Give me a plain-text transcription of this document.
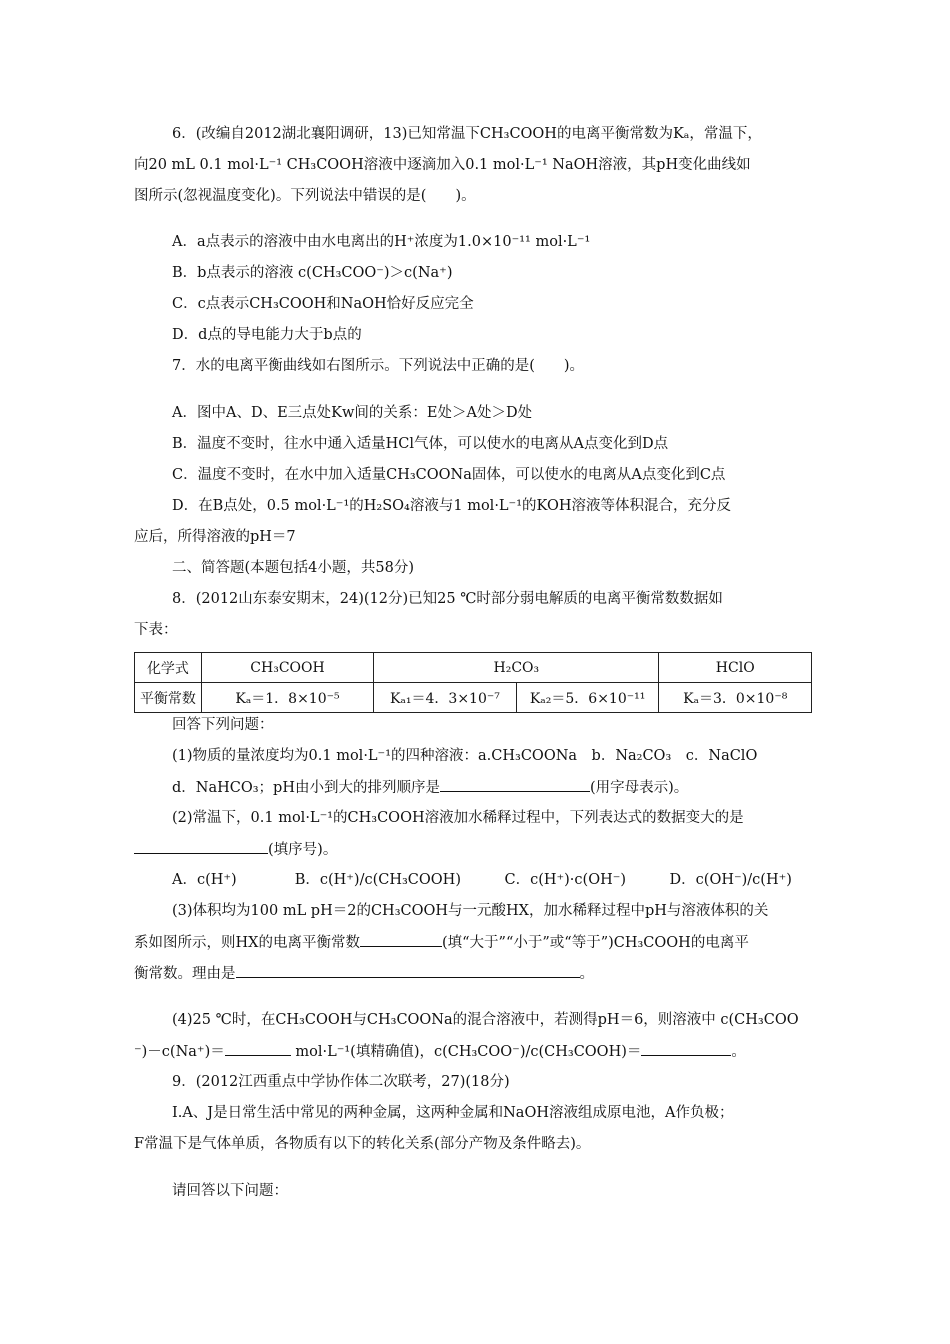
6．(改编自2012湖北襄阳调研，13)已知常温下CH₃COOH的电离平衡常数为Kₐ，常温下，
向20 mL 0.1 mol·L⁻¹ CH₃COOH溶液中逐滴加入0.1 mol·L⁻¹ NaOH溶液，其pH变化曲线如
图所示(忽视温度变化)。下列说法中错误的是(　　)。
A．a点表示的溶液中由水电离出的H⁺浓度为1.0×10⁻¹¹ mol·L⁻¹
B．b点表示的溶液 c(CH₃COO⁻)＞c(Na⁺)
C．c点表示CH₃COOH和NaOH恰好反应完全
D．d点的导电能力大于b点的
7．水的电离平衡曲线如右图所示。下列说法中正确的是(　　)。
A．图中A、D、E三点处Kw间的关系：E处＞A处＞D处
B．温度不变时，往水中通入适量HCl气体，可以使水的电离从A点变化到D点
C．温度不变时，在水中加入适量CH₃COONa固体，可以使水的电离从A点变化到C点
D．在B点处，0.5 mol·L⁻¹的H₂SO₄溶液与1 mol·L⁻¹的KOH溶液等体积混合，充分反
应后，所得溶液的pH＝7
二、简答题(本题包括4小题，共58分)
8．(2012山东泰安期末，24)(12分)已知25 ℃时部分弱电解质的电离平衡常数数据如
下表：
化学式	CH₃COOH	H₂CO₃		HClO
平衡常数	Kₐ＝1．8×10⁻⁵	Kₐ₁＝4．3×10⁻⁷	Kₐ₂＝5．6×10⁻¹¹	Kₐ＝3．0×10⁻⁸
回答下列问题：
(1)物质的量浓度均为0.1 mol·L⁻¹的四种溶液：a.CH₃COONa　b．Na₂CO₃　c．NaClO
d．NaHCO₃；pH由小到大的排列顺序是	(用字母表示)。
(2)常温下，0.1 mol·L⁻¹的CH₃COOH溶液加水稀释过程中，下列表达式的数据变大的是
(填序号)。
A．c(H⁺)　　　　B．c(H⁺)/c(CH₃COOH)　　　C．c(H⁺)·c(OH⁻)　　　D．c(OH⁻)/c(H⁺)
(3)体积均为100 mL pH＝2的CH₃COOH与一元酸HX，加水稀释过程中pH与溶液体积的关
系如图所示，则HX的电离平衡常数	(填“大于”“小于”或“等于”)CH₃COOH的电离平
衡常数。理由是	。
(4)25 ℃时，在CH₃COOH与CH₃COONa的混合溶液中，若测得pH＝6，则溶液中 c(CH₃COO
⁻)－c(Na⁺)＝	mol·L⁻¹(填精确值)，c(CH₃COO⁻)/c(CH₃COOH)＝	。
9．(2012江西重点中学协作体二次联考，27)(18分)
Ⅰ.A、J是日常生活中常见的两种金属，这两种金属和NaOH溶液组成原电池，A作负极；
F常温下是气体单质，各物质有以下的转化关系(部分产物及条件略去)。
请回答以下问题：
